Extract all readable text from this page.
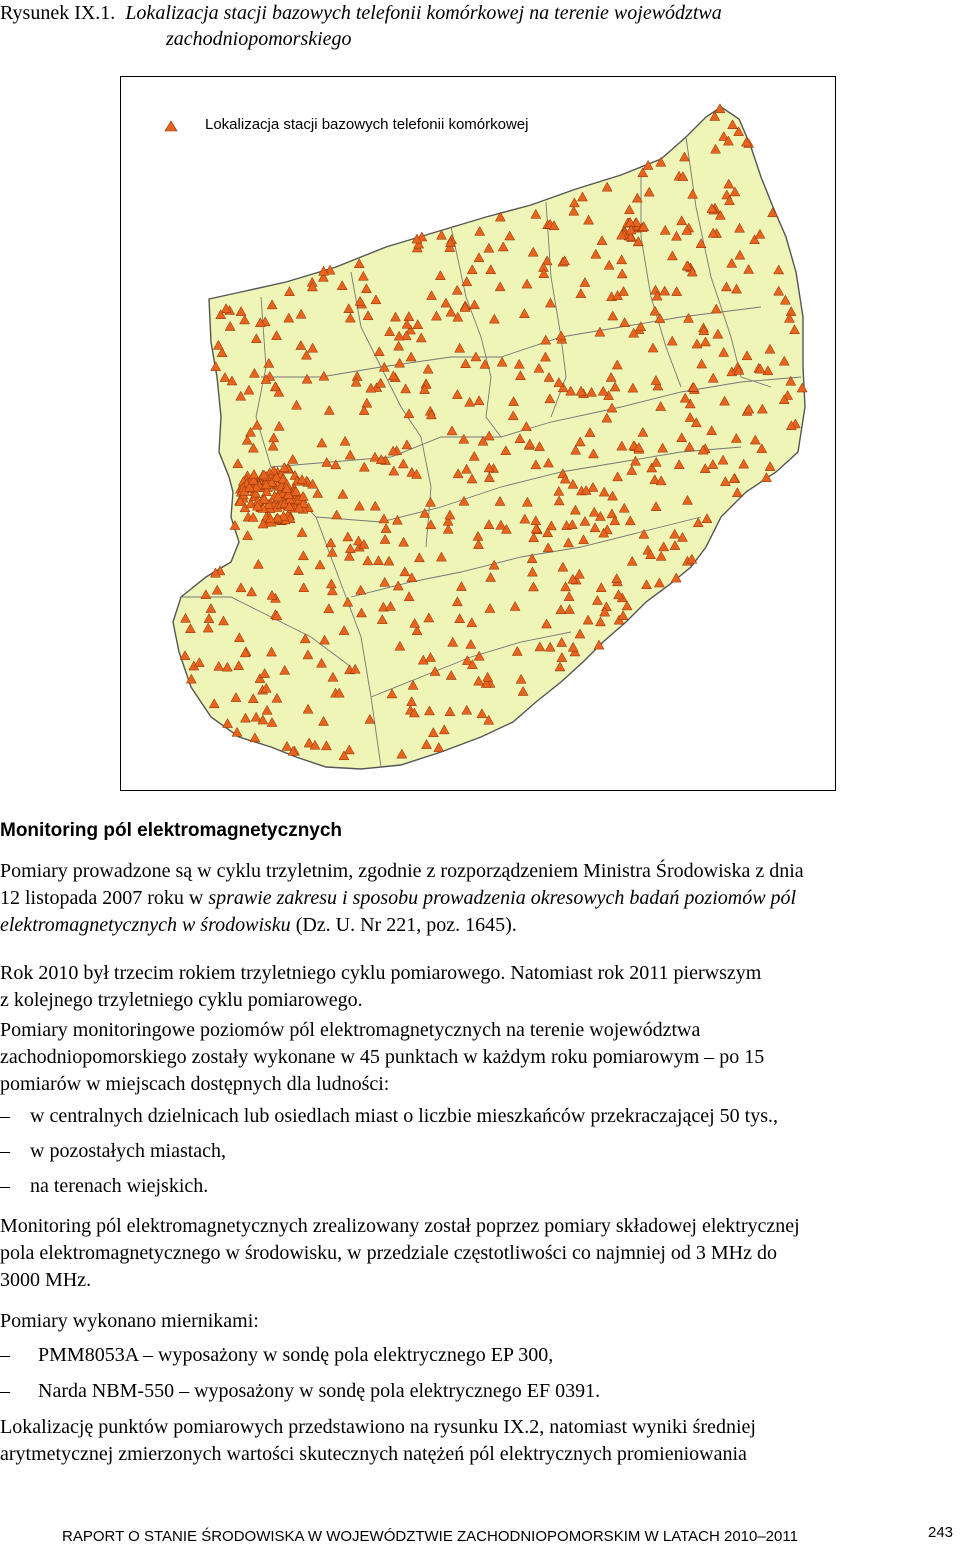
Rysunek IX.1. Lokalizacja stacji bazowych telefonii komórkowej na terenie województwa
zachodniopomorskiego
Lokalizacja stacji bazowych telefonii komórkowej
Monitoring pól elektromagnetycznych
Pomiary prowadzone są w cyklu trzyletnim, zgodnie z rozporządzeniem Ministra Środowiska z dnia
12 listopada 2007 roku w sprawie zakresu i sposobu prowadzenia okresowych badań poziomów pól
elektromagnetycznych w środowisku (Dz. U. Nr 221, poz. 1645).
Rok 2010 był trzecim rokiem trzyletniego cyklu pomiarowego. Natomiast rok 2011 pierwszym
z kolejnego trzyletniego cyklu pomiarowego.
Pomiary monitoringowe poziomów pól elektromagnetycznych na terenie województwa
zachodniopomorskiego zostały wykonane w 45 punktach w każdym roku pomiarowym – po 15
pomiarów w miejscach dostępnych dla ludności:
– w centralnych dzielnicach lub osiedlach miast o liczbie mieszkańców przekraczającej 50 tys.,
– w pozostałych miastach,
– na terenach wiejskich.
Monitoring pól elektromagnetycznych zrealizowany został poprzez pomiary składowej elektrycznej
pola elektromagnetycznego w środowisku, w przedziale częstotliwości co najmniej od 3 MHz do
3000 MHz.
Pomiary wykonano miernikami:
– PMM8053A – wyposażony w sondę pola elektrycznego EP 300,
– Narda NBM-550 – wyposażony w sondę pola elektrycznego EF 0391.
Lokalizację punktów pomiarowych przedstawiono na rysunku IX.2, natomiast wyniki średniej
arytmetycznej zmierzonych wartości skutecznych natężeń pól elektrycznych promieniowania
RAPORT O STANIE ŚRODOWISKA W WOJEWÓDZTWIE ZACHODNIOPOMORSKIM W LATACH 2010–2011	243
